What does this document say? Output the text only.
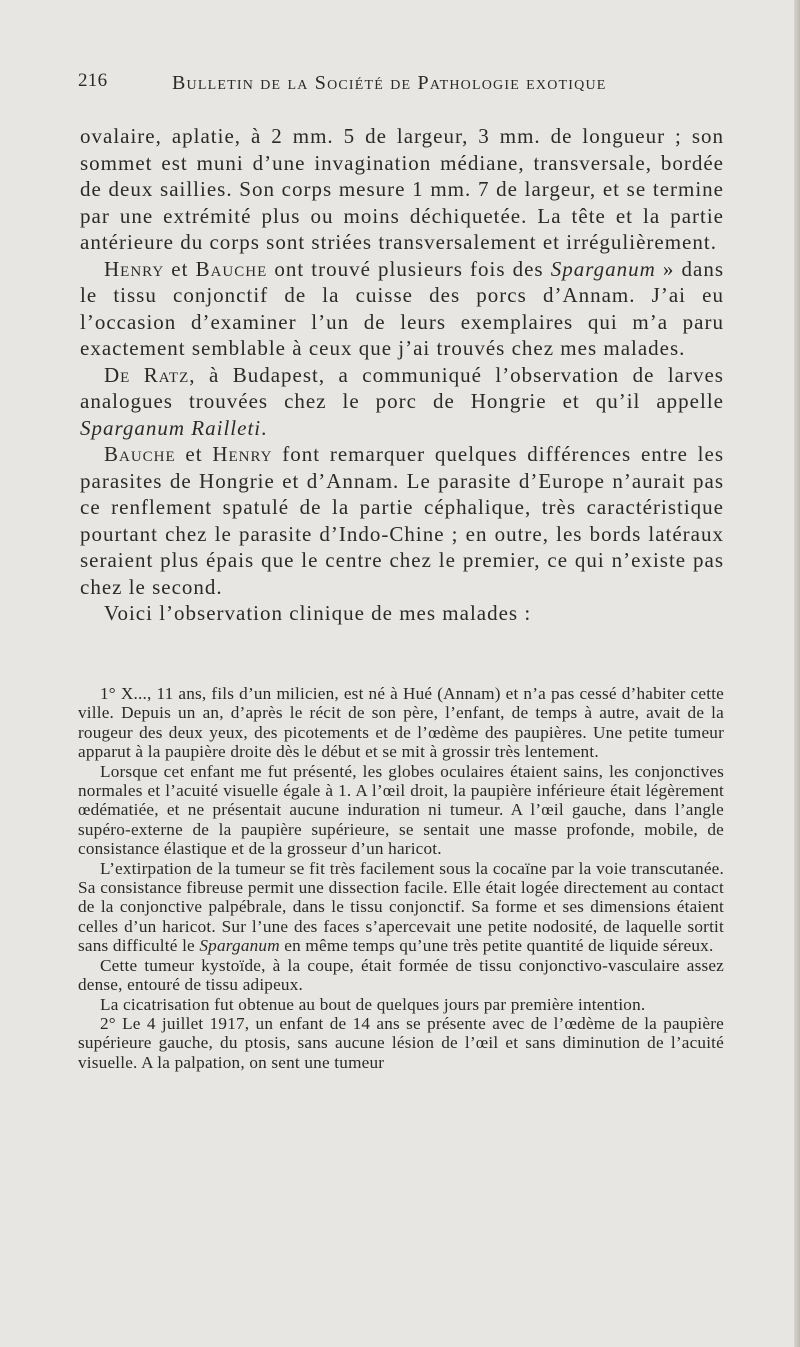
216	Bulletin de la Société de Pathologie exotique

ovalaire, aplatie, à 2 mm. 5 de largeur, 3 mm. de longueur ; son sommet est muni d’une invagination médiane, transversale, bordée de deux saillies. Son corps mesure 1 mm. 7 de largeur, et se termine par une extrémité plus ou moins déchiquetée. La tête et la partie antérieure du corps sont striées transversalement et irrégulièrement.

Henry et Bauche ont trouvé plusieurs fois des Sparganum » dans le tissu conjonctif de la cuisse des porcs d’Annam. J’ai eu l’occasion d’examiner l’un de leurs exemplaires qui m’a paru exactement semblable à ceux que j’ai trouvés chez mes malades.

De Ratz, à Budapest, a communiqué l’observation de larves analogues trouvées chez le porc de Hongrie et qu’il appelle Sparganum Railleti.

Bauche et Henry font remarquer quelques différences entre les parasites de Hongrie et d’Annam. Le parasite d’Europe n’aurait pas ce renflement spatulé de la partie céphalique, très caractéristique pourtant chez le parasite d’Indo-Chine ; en outre, les bords latéraux seraient plus épais que le centre chez le premier, ce qui n’existe pas chez le second.

Voici l’observation clinique de mes malades :

1° X..., 11 ans, fils d’un milicien, est né à Hué (Annam) et n’a pas cessé d’habiter cette ville. Depuis un an, d’après le récit de son père, l’enfant, de temps à autre, avait de la rougeur des deux yeux, des picotements et de l’œdème des paupières. Une petite tumeur apparut à la paupière droite dès le début et se mit à grossir très lentement.

Lorsque cet enfant me fut présenté, les globes oculaires étaient sains, les conjonctives normales et l’acuité visuelle égale à 1. A l’œil droit, la paupière inférieure était légèrement œdématiée, et ne présentait aucune induration ni tumeur. A l’œil gauche, dans l’angle supéro-externe de la paupière supérieure, se sentait une masse profonde, mobile, de consistance élastique et de la grosseur d’un haricot.

L’extirpation de la tumeur se fit très facilement sous la cocaïne par la voie transcutanée. Sa consistance fibreuse permit une dissection facile. Elle était logée directement au contact de la conjonctive palpébrale, dans le tissu conjonctif. Sa forme et ses dimensions étaient celles d’un haricot. Sur l’une des faces s’apercevait une petite nodosité, de laquelle sortit sans difficulté le Sparganum en même temps qu’une très petite quantité de liquide séreux.

Cette tumeur kystoïde, à la coupe, était formée de tissu conjonctivo-vasculaire assez dense, entouré de tissu adipeux.

La cicatrisation fut obtenue au bout de quelques jours par première intention.

2° Le 4 juillet 1917, un enfant de 14 ans se présente avec de l’œdème de la paupière supérieure gauche, du ptosis, sans aucune lésion de l’œil et sans diminution de l’acuité visuelle. A la palpation, on sent une tumeur
